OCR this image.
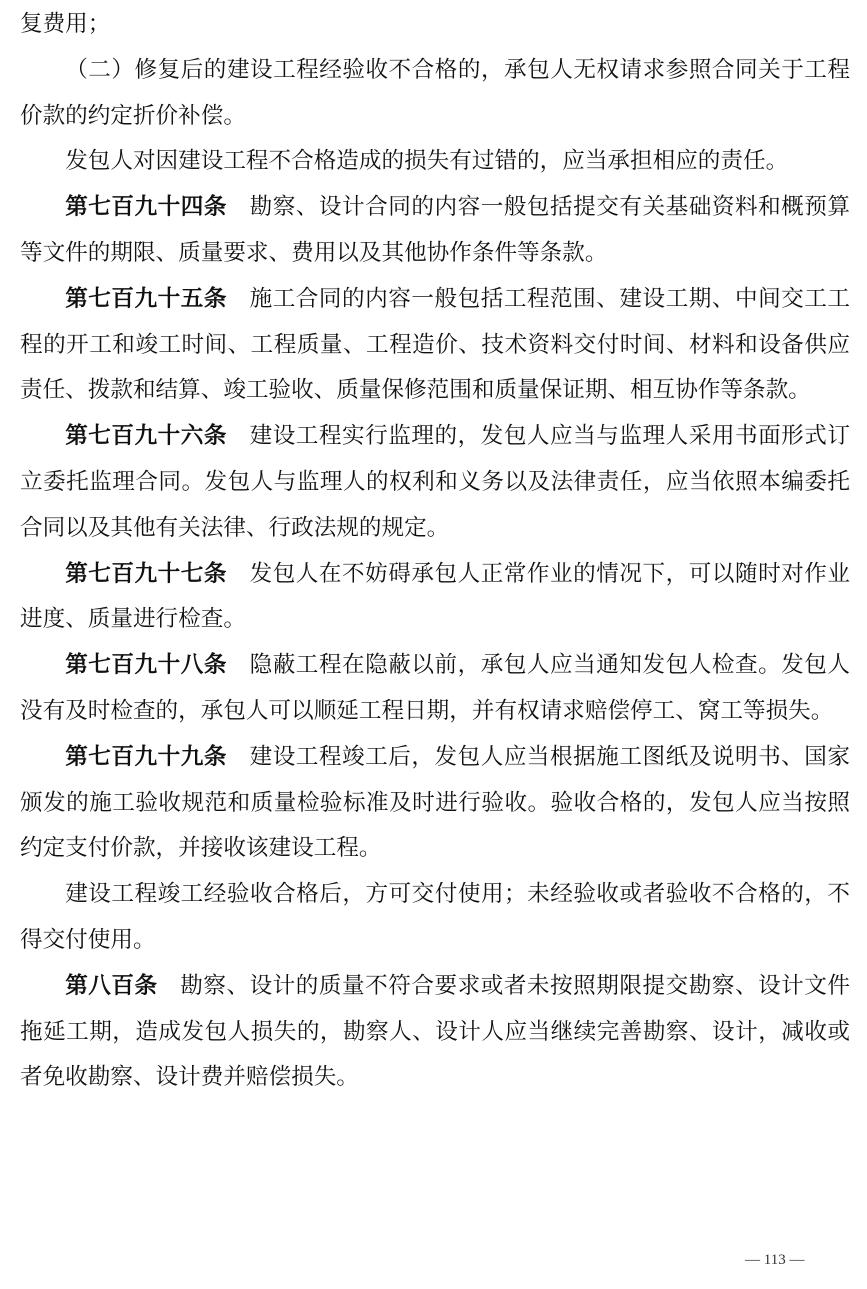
复费用；

（二）修复后的建设工程经验收不合格的，承包人无权请求参照合同关于工程价款的约定折价补偿。

发包人对因建设工程不合格造成的损失有过错的，应当承担相应的责任。

第七百九十四条 勘察、设计合同的内容一般包括提交有关基础资料和概预算等文件的期限、质量要求、费用以及其他协作条件等条款。

第七百九十五条 施工合同的内容一般包括工程范围、建设工期、中间交工工程的开工和竣工时间、工程质量、工程造价、技术资料交付时间、材料和设备供应责任、拨款和结算、竣工验收、质量保修范围和质量保证期、相互协作等条款。

第七百九十六条 建设工程实行监理的，发包人应当与监理人采用书面形式订立委托监理合同。发包人与监理人的权利和义务以及法律责任，应当依照本编委托合同以及其他有关法律、行政法规的规定。

第七百九十七条 发包人在不妨碍承包人正常作业的情况下，可以随时对作业进度、质量进行检查。

第七百九十八条 隐蔽工程在隐蔽以前，承包人应当通知发包人检查。发包人没有及时检查的，承包人可以顺延工程日期，并有权请求赔偿停工、窝工等损失。

第七百九十九条 建设工程竣工后，发包人应当根据施工图纸及说明书、国家颁发的施工验收规范和质量检验标准及时进行验收。验收合格的，发包人应当按照约定支付价款，并接收该建设工程。

建设工程竣工经验收合格后，方可交付使用；未经验收或者验收不合格的，不得交付使用。

第八百条 勘察、设计的质量不符合要求或者未按照期限提交勘察、设计文件拖延工期，造成发包人损失的，勘察人、设计人应当继续完善勘察、设计，减收或者免收勘察、设计费并赔偿损失。

— 113 —
